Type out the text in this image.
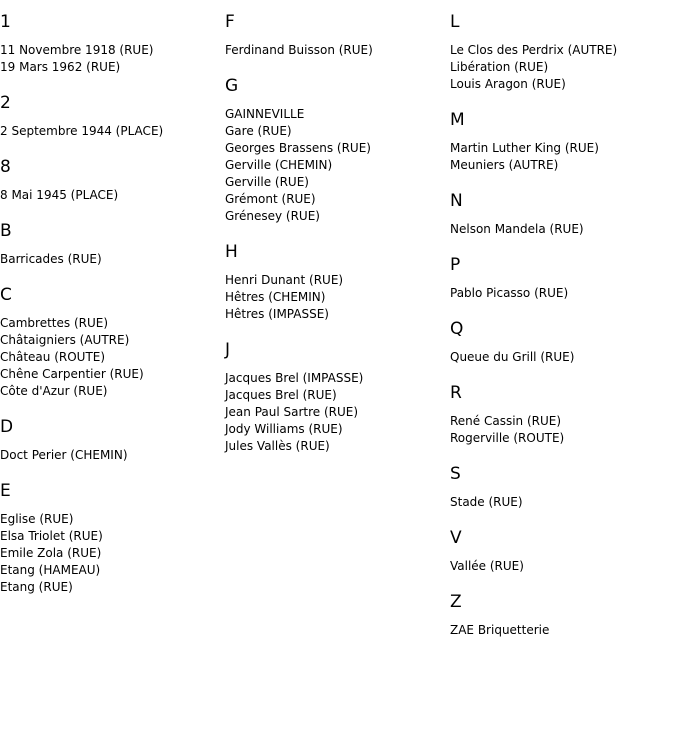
1
11 Novembre 1918 (RUE)
19 Mars 1962 (RUE)
2
2 Septembre 1944 (PLACE)
8
8 Mai 1945 (PLACE)
B
Barricades (RUE)
C
Cambrettes (RUE)
Châtaigniers (AUTRE)
Château (ROUTE)
Chêne Carpentier (RUE)
Côte d'Azur (RUE)
D
Doct Perier (CHEMIN)
E
Eglise (RUE)
Elsa Triolet (RUE)
Emile Zola (RUE)
Etang (HAMEAU)
Etang (RUE)
F
Ferdinand Buisson (RUE)
G
GAINNEVILLE
Gare (RUE)
Georges Brassens (RUE)
Gerville (CHEMIN)
Gerville (RUE)
Grémont (RUE)
Grénesey (RUE)
H
Henri Dunant (RUE)
Hêtres (CHEMIN)
Hêtres (IMPASSE)
J
Jacques Brel (IMPASSE)
Jacques Brel (RUE)
Jean Paul Sartre (RUE)
Jody Williams (RUE)
Jules Vallès (RUE)
L
Le Clos des Perdrix (AUTRE)
Libération (RUE)
Louis Aragon (RUE)
M
Martin Luther King (RUE)
Meuniers (AUTRE)
N
Nelson Mandela (RUE)
P
Pablo Picasso (RUE)
Q
Queue du Grill (RUE)
R
René Cassin (RUE)
Rogerville (ROUTE)
S
Stade (RUE)
V
Vallée (RUE)
Z
ZAE Briquetterie
